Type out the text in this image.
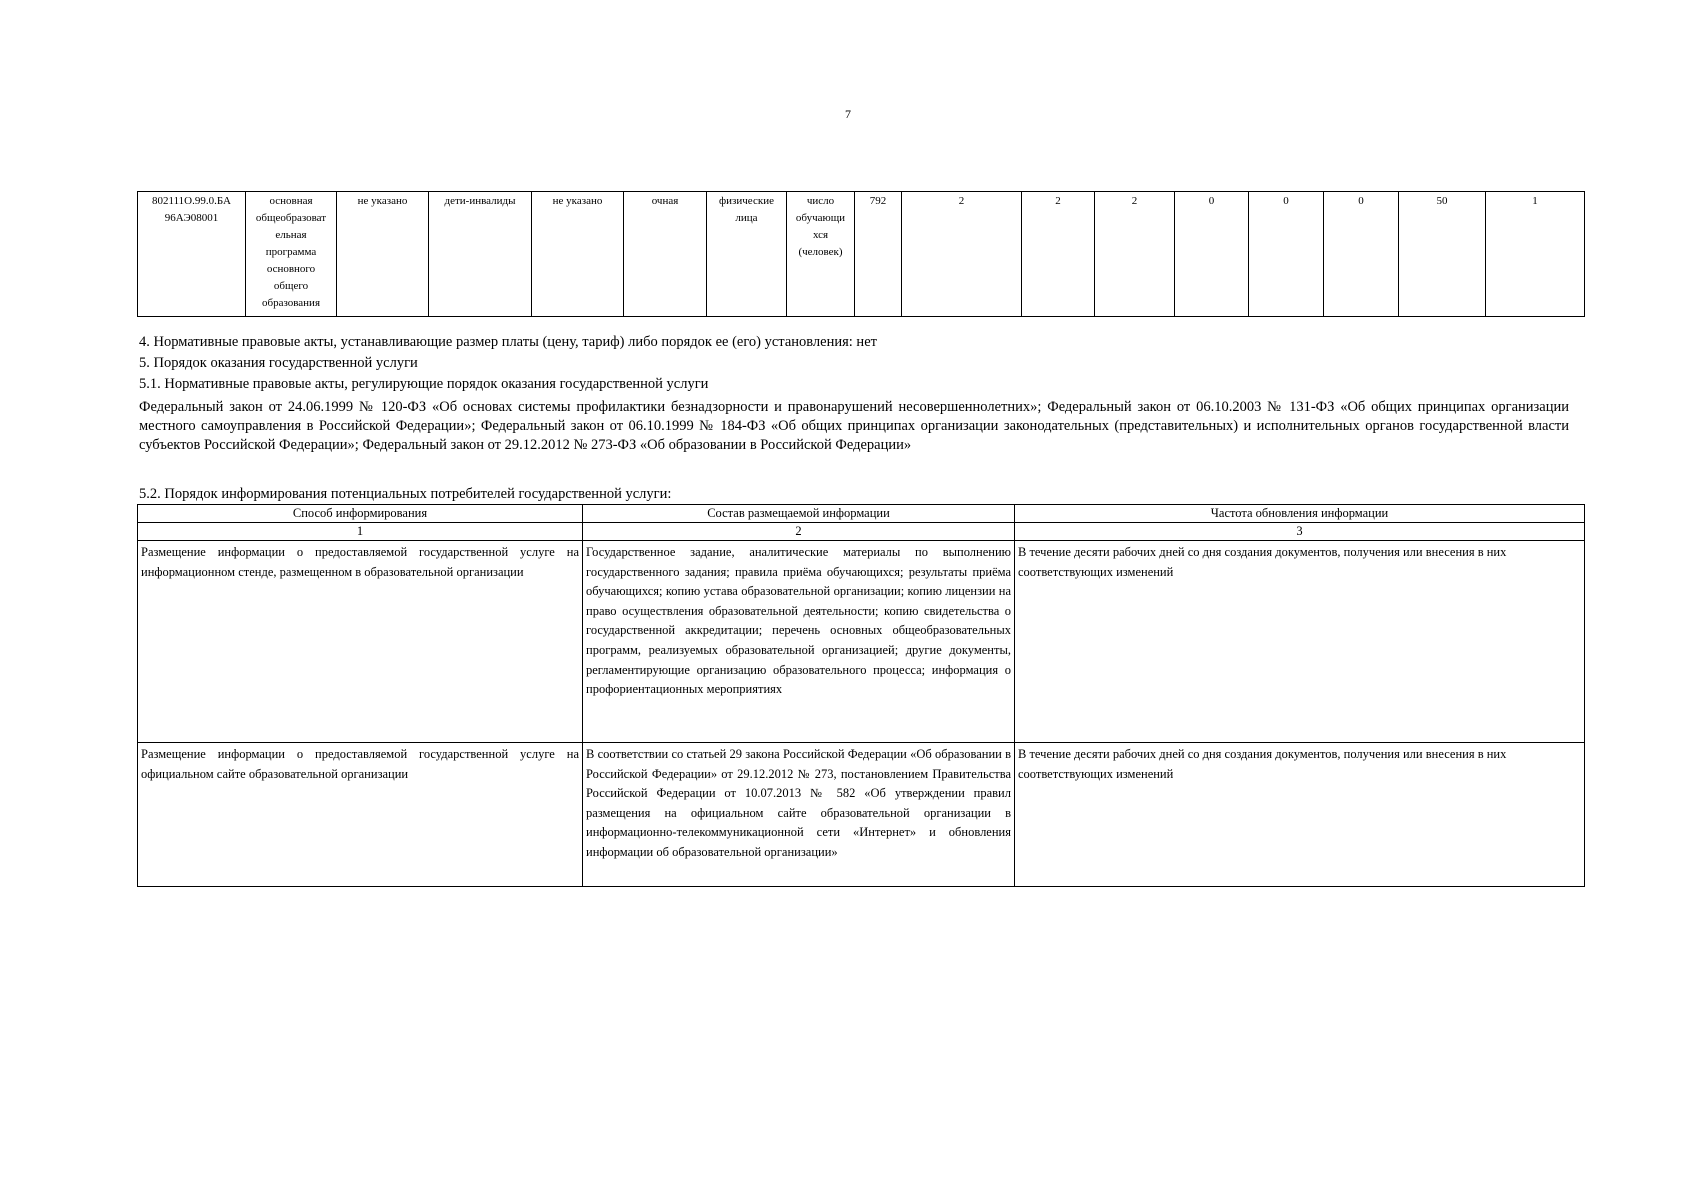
7
802111О.99.0.БА 96АЭ08001	основная общеобразоват ельная программа основного общего образования	не указано	дети-инвалиды	не указано	очная	физические лица	число обучающи хся (человек)	792	2	2	2	0	0	0	50	1

4. Нормативные правовые акты, устанавливающие размер платы (цену, тариф) либо порядок ее (его) установления: нет

5. Порядок оказания государственной услуги

5.1. Нормативные правовые акты, регулирующие порядок оказания государственной услуги

Федеральный закон от 24.06.1999 № 120-ФЗ «Об основах системы профилактики безнадзорности и правонарушений несовершеннолетних»; Федеральный закон от 06.10.2003 № 131-ФЗ «Об общих принципах организации местного самоуправления в Российской Федерации»; Федеральный закон от 06.10.1999 № 184-ФЗ «Об общих принципах организации законодательных (представительных) и исполнительных органов государственной власти субъектов Российской Федерации»; Федеральный закон от 29.12.2012 № 273-ФЗ «Об образовании в Российской Федерации»

5.2. Порядок информирования потенциальных потребителей государственной услуги:
Способ информирования	Состав размещаемой информации	Частота обновления информации
1	2	3
Размещение информации о предоставляемой государственной услуге на информационном стенде, размещенном в образовательной организации	Государственное задание, аналитические материалы по выполнению государственного задания; правила приёма обучающихся; результаты приёма обучающихся; копию устава образовательной организации; копию лицензии на право осуществления образовательной деятельности; копию свидетельства о государственной аккредитации; перечень основных общеобразовательных программ, реализуемых образовательной организацией; другие документы, регламентирующие организацию образовательного процесса; информация о профориентационных мероприятиях	В течение десяти рабочих дней со дня создания документов, получения или внесения в них соответствующих изменений
Размещение информации о предоставляемой государственной услуге на официальном сайте образовательной организации	В соответствии со статьей 29 закона Российской Федерации «Об образовании в Российской Федерации» от 29.12.2012 № 273, постановлением Правительства Российской Федерации от 10.07.2013 № 582 «Об утверждении правил размещения на официальном сайте образовательной организации в информационно-телекоммуникационной сети «Интернет» и обновления информации об образовательной организации»	В течение десяти рабочих дней со дня создания документов, получения или внесения в них соответствующих изменений
